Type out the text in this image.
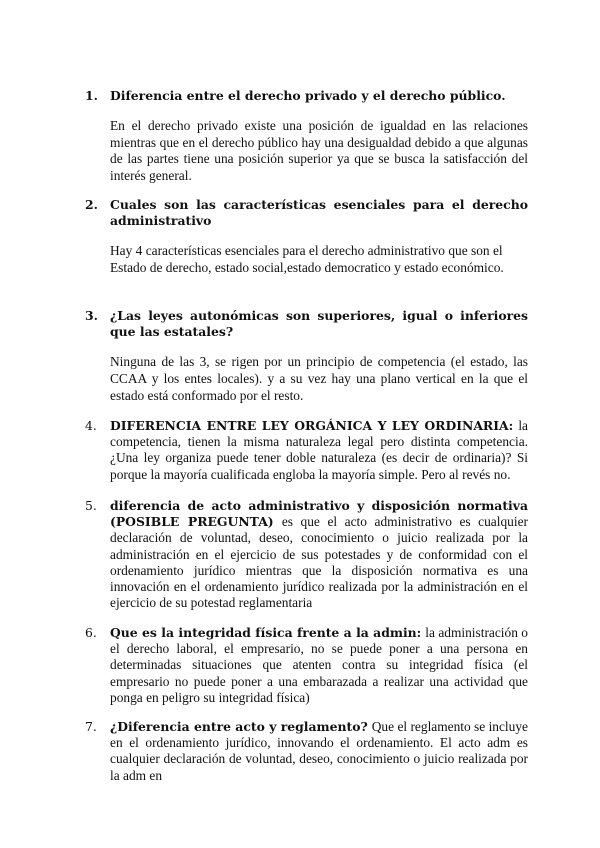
1. Diferencia entre el derecho privado y el derecho público.
En el derecho privado existe una posición de igualdad en las relaciones mientras que en el derecho público hay una desigualdad debido a que algunas de las partes tiene una posición superior ya que se busca la satisfacción del interés general.
2. Cuales son las características esenciales para el derecho administrativo
Hay 4 características esenciales para el derecho administrativo que son el Estado de derecho, estado social,estado democratico y estado económico.
3. ¿Las leyes autonómicas son superiores, igual o inferiores que las estatales?
Ninguna de las 3, se rigen por un principio de competencia (el estado, las CCAA y los entes locales). y a su vez hay una plano vertical en la que el estado está conformado por el resto.
4. DIFERENCIA ENTRE LEY ORGÁNICA Y LEY ORDINARIA: la competencia, tienen la misma naturaleza legal pero distinta competencia. ¿Una ley organiza puede tener doble naturaleza (es decir de ordinaria)? Si porque la mayoría cualificada engloba la mayoría simple. Pero al revés no.
5. diferencia de acto administrativo y disposición normativa (POSIBLE PREGUNTA) es que el acto administrativo es cualquier declaración de voluntad, deseo, conocimiento o juicio realizada por la administración en el ejercicio de sus potestades y de conformidad con el ordenamiento jurídico mientras que la disposición normativa es una innovación en el ordenamiento jurídico realizada por la administración en el ejercicio de su potestad reglamentaria
6. Que es la integridad física frente a la admin: la administración o el derecho laboral, el empresario, no se puede poner a una persona en determinadas situaciones que atenten contra su integridad física (el empresario no puede poner a una embarazada a realizar una actividad que ponga en peligro su integridad física)
7. ¿Diferencia entre acto y reglamento? Que el reglamento se incluye en el ordenamiento jurídico, innovando el ordenamiento. El acto adm es cualquier declaración de voluntad, deseo, conocimiento o juicio realizada por la adm en
